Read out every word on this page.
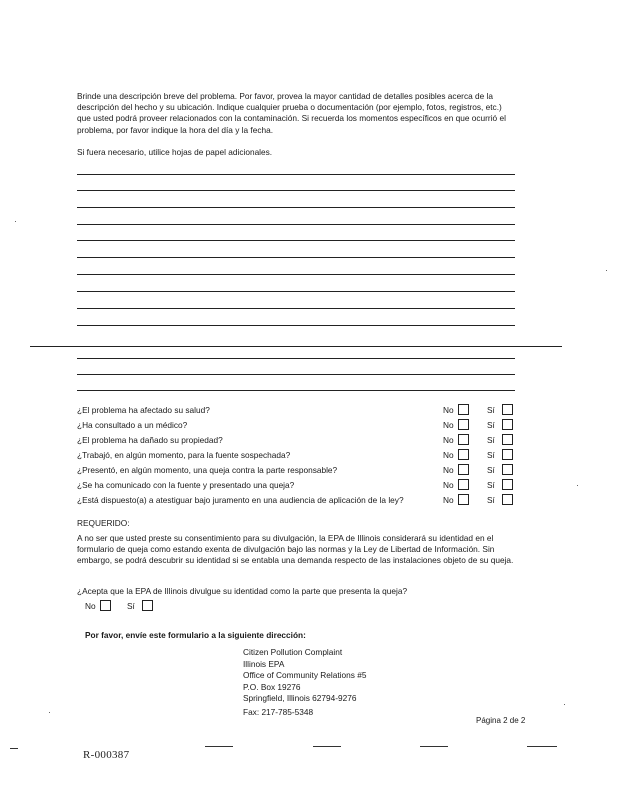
Brinde una descripción breve del problema. Por favor, provea la mayor cantidad de detalles posibles acerca de la descripción del hecho y su ubicación. Indique cualquier prueba o documentación (por ejemplo, fotos, registros, etc.) que usted podrá proveer relacionados con la contaminación. Si recuerda los momentos específicos en que ocurrió el problema, por favor indique la hora del día y la fecha.
Si fuera necesario, utilice hojas de papel adicionales.
¿El problema ha afectado su salud?	No	Sí
¿Ha consultado a un médico?	No	Sí
¿El problema ha dañado su propiedad?	No	Sí
¿Trabajó, en algún momento, para la fuente sospechada?	No	Sí
¿Presentó, en algún momento, una queja contra la parte responsable?	No	Sí
¿Se ha comunicado con la fuente y presentado una queja?	No	Sí
¿Está dispuesto(a) a atestiguar bajo juramento en una audiencia de aplicación de la ley?	No	Sí
REQUERIDO:
A no ser que usted preste su consentimiento para su divulgación, la EPA de Illinois considerará su identidad en el formulario de queja como estando exenta de divulgación bajo las normas y la Ley de Libertad de Información. Sin embargo, se podrá descubrir su identidad si se entabla una demanda respecto de las instalaciones objeto de su queja.
¿Acepta que la EPA de Illinois divulgue su identidad como la parte que presenta la queja?
No	Sí
Por favor, envíe este formulario a la siguiente dirección:
Citizen Pollution Complaint
Illinois EPA
Office of Community Relations #5
P.O. Box 19276
Springfield, Illinois 62794-9276
Fax: 217-785-5348
Página 2 de 2
R-000387
